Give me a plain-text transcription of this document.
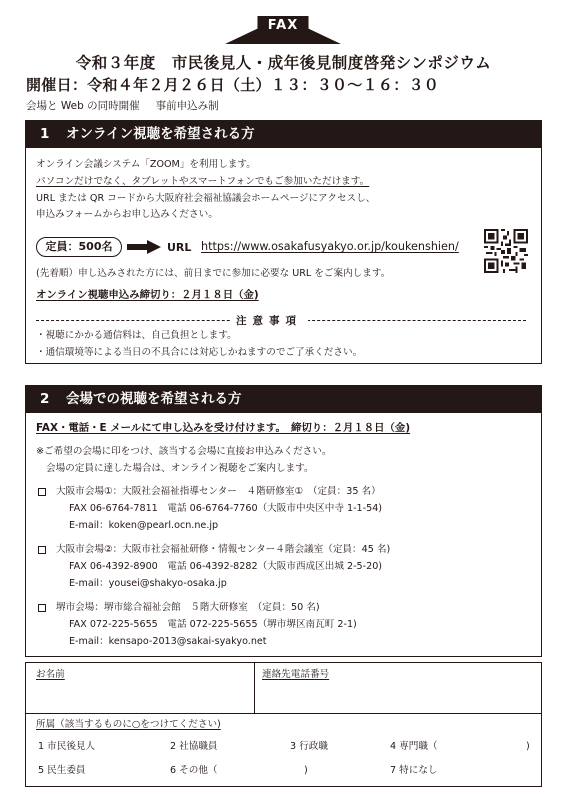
FAX
令和３年度　市民後見人・成年後見制度啓発シンポジウム
開催日：令和４年２月２６日（土）１３：３０～１６：３０
会場と Web の同時開催 事前申込み制
1 オンライン視聴を希望される方
オンライン会議システム「ZOOM」を利用します。
パソコンだけでなく、タブレットやスマートフォンでもご参加いただけます。
URL または QR コードから大阪府社会福祉協議会ホームページにアクセスし、
申込みフォームからお申し込みください。
定員：500名	URL https://www.osakafusyakyo.or.jp/koukenshien/
(先着順）申し込みされた方には、前日までに参加に必要な URL をご案内します。
オンライン視聴申込み締切り：２月１８日（金)
注意事項
・視聴にかかる通信料は、自己負担とします。
・通信環境等による当日の不具合には対応しかねますのでご了承ください。
2 会場での視聴を希望される方
FAX・電話・E メールにて申し込みを受け付けます。　締切り：２月１８日（金)
※ご希望の会場に印をつけ、該当する会場に直接お申込みください。
会場の定員に達した場合は、オンライン視聴をご案内します。
大阪市会場①：大阪社会福祉指導センター　４階研修室①　（定員：35 名）
FAX 06-6764-7811　電話 06-6764-7760（大阪市中央区中寺 1-1-54)
E-mail：koken@pearl.ocn.ne.jp
大阪市会場②：大阪市社会福祉研修・情報センター４階会議室（定員：45 名)
FAX 06-4392-8900　電話 06-4392-8282（大阪市西成区出城 2-5-20)
E-mail：yousei@shakyo-osaka.jp
堺市会場：堺市総合福祉会館　５階大研修室　（定員：50 名)
FAX 072-225-5655　電話 072-225-5655（堺市堺区南瓦町 2-1)
E-mail：kensapo-2013@sakai-syakyo.net
お名前	連絡先電話番号
所属（該当するものに○をつけてください)
1 市民後見人	2 社協職員	3 行政職	4 専門職（	)
5 民生委員	6 その他（	)	7 特になし
